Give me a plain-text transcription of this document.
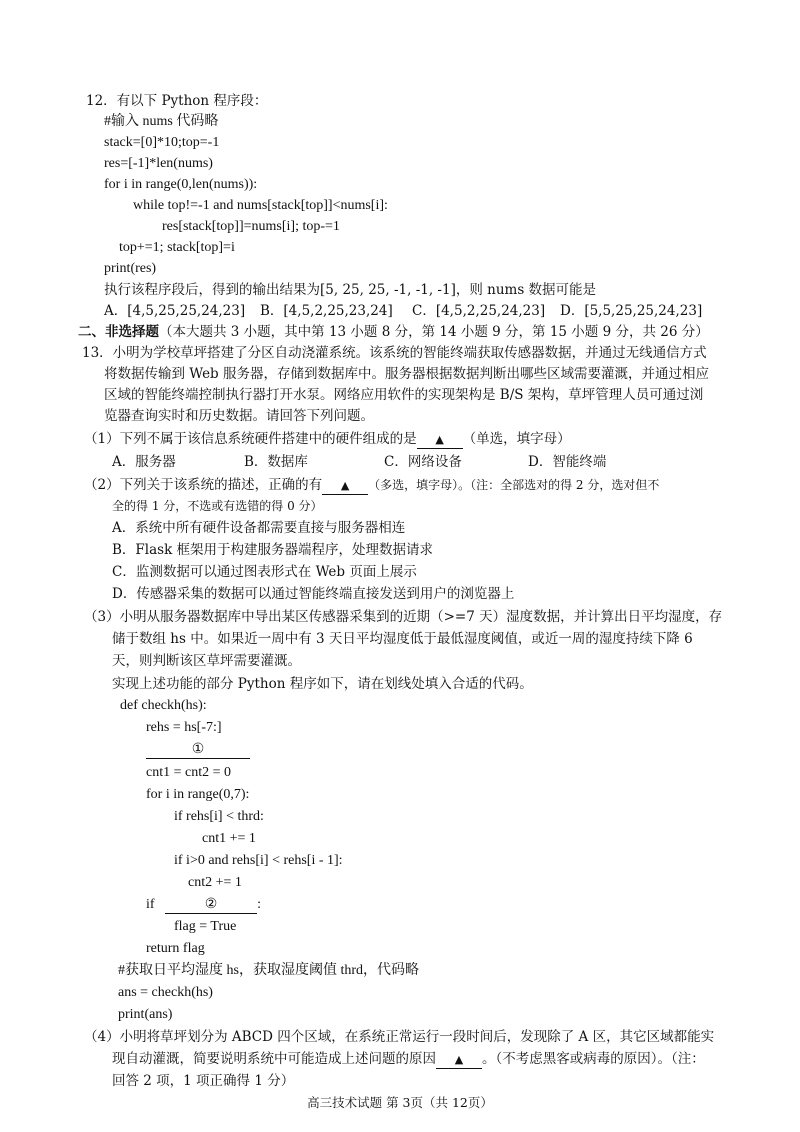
12．有以下 Python 程序段：
#输入 nums 代码略
stack=[0]*10;top=-1
res=[-1]*len(nums)
for i in range(0,len(nums)):
while top!=-1 and nums[stack[top]]<nums[i]:
res[stack[top]]=nums[i]; top-=1
top+=1; stack[top]=i
print(res)
执行该程序段后，得到的输出结果为[5, 25, 25, -1, -1, -1]，则 nums 数据可能是
A．[4,5,25,25,24,23] B．[4,5,2,25,23,24] C．[4,5,2,25,24,23] D．[5,5,25,25,24,23]
二、非选择题（本大题共 3 小题，其中第 13 小题 8 分，第 14 小题 9 分，第 15 小题 9 分，共 26 分）
13．小明为学校草坪搭建了分区自动浇灌系统。该系统的智能终端获取传感器数据，并通过无线通信方式
将数据传输到 Web 服务器，存储到数据库中。服务器根据数据判断出哪些区域需要灌溉，并通过相应
区域的智能终端控制执行器打开水泵。网络应用软件的实现架构是 B/S 架构，草坪管理人员可通过浏
览器查询实时和历史数据。请回答下列问题。
（1）下列不属于该信息系统硬件搭建中的硬件组成的是 ▲ （单选，填字母）
A．服务器	B．数据库	C．网络设备	D．智能终端
（2）下列关于该系统的描述，正确的有 ▲ （多选，填字母）。（注：全部选对的得 2 分，选对但不
全的得 1 分，不选或有选错的得 0 分）
A．系统中所有硬件设备都需要直接与服务器相连
B．Flask 框架用于构建服务器端程序，处理数据请求
C．监测数据可以通过图表形式在 Web 页面上展示
D．传感器采集的数据可以通过智能终端直接发送到用户的浏览器上
（3）小明从服务器数据库中导出某区传感器采集到的近期（>=7 天）湿度数据，并计算出日平均湿度，存
储于数组 hs 中。如果近一周中有 3 天日平均湿度低于最低湿度阈值，或近一周的湿度持续下降 6
天，则判断该区草坪需要灌溉。
实现上述功能的部分 Python 程序如下，请在划线处填入合适的代码。
def checkh(hs):
rehs = hs[-7:]
①
cnt1 = cnt2 = 0
for i in range(0,7):
if rehs[i] < thrd:
cnt1 += 1
if i>0 and rehs[i] < rehs[i - 1]:
cnt2 += 1
if	②	:
flag = True
return flag
#获取日平均湿度 hs，获取湿度阈值 thrd，代码略
ans = checkh(hs)
print(ans)
（4）小明将草坪划分为 ABCD 四个区域，在系统正常运行一段时间后，发现除了 A 区，其它区域都能实
现自动灌溉，简要说明系统中可能造成上述问题的原因 ▲ 。（不考虑黑客或病毒的原因）。（注：
回答 2 项，1 项正确得 1 分）
高三技术试题 第 3页（共 12页）
